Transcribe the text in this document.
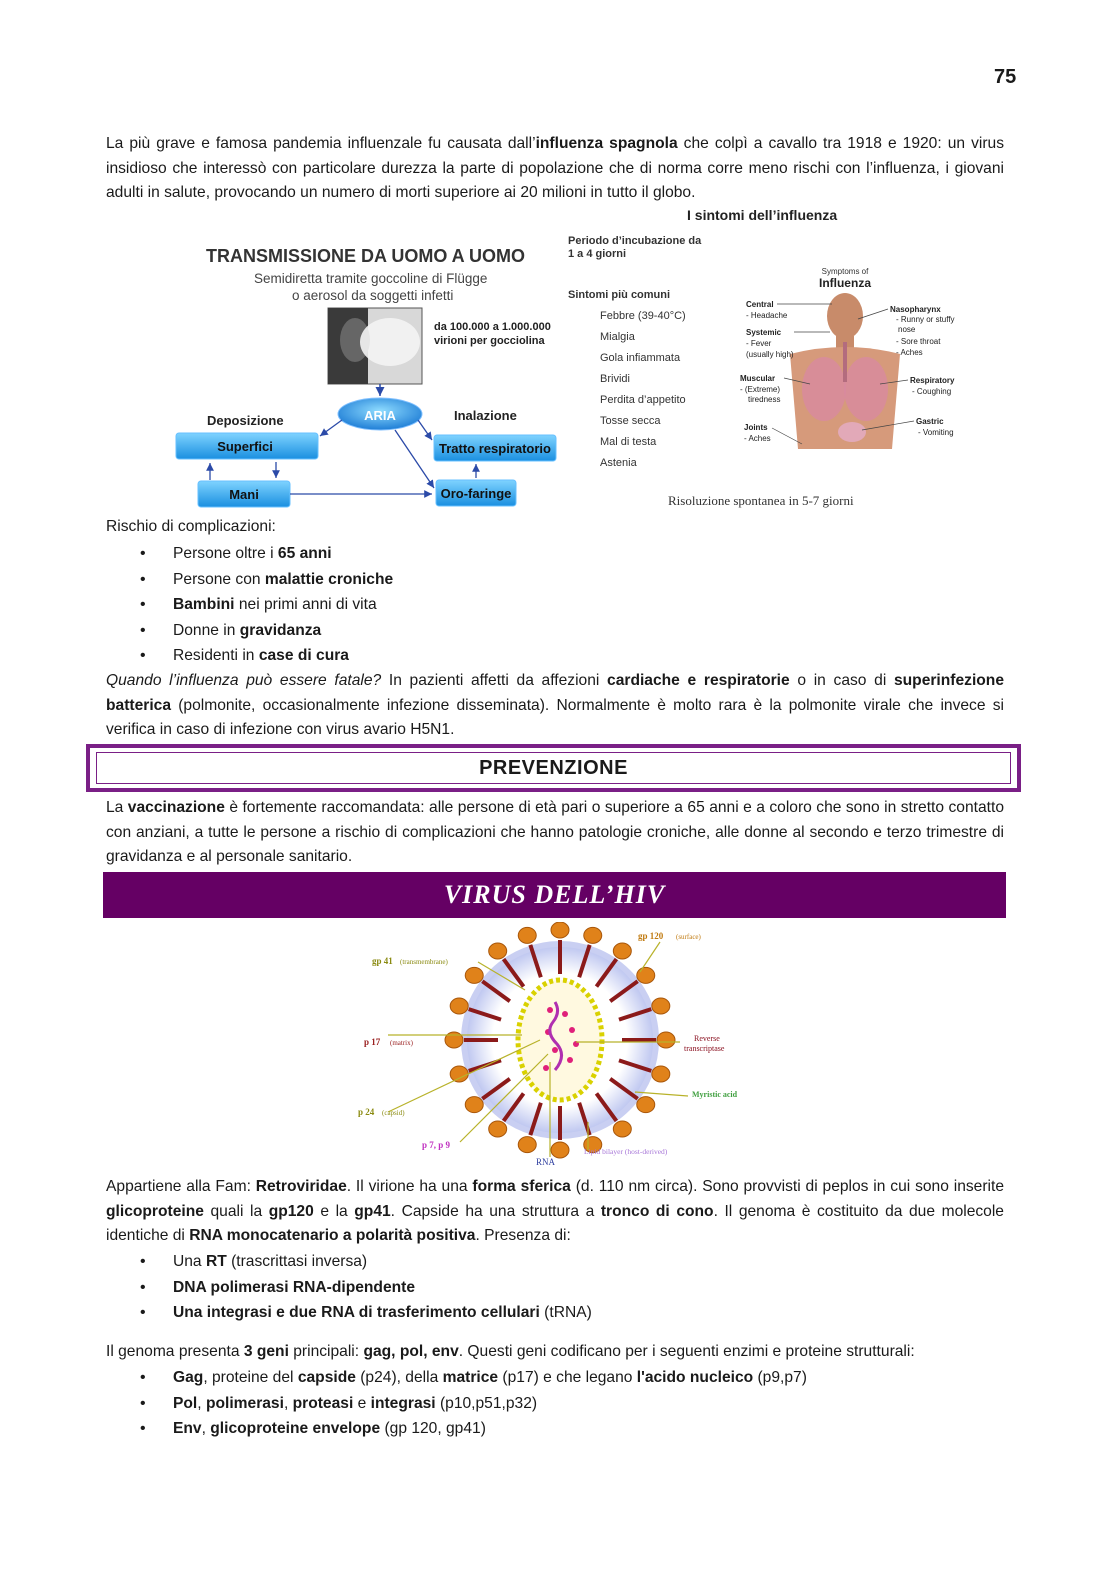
75

La più grave e famosa pandemia influenzale fu causata dall’influenza spagnola che colpì a cavallo tra 1918 e 1920: un virus insidioso che interessò con particolare durezza la parte di popolazione che di norma corre meno rischi con l’influenza, i giovani adulti in salute, provocando un numero di morti superiore ai 20 milioni in tutto il globo.

TRANSMISSIONE DA UOMO A UOMO
Semidiretta tramite goccoline di Flügge
o aerosol da soggetti infetti
da 100.000 a 1.000.000
virioni per gocciolina
ARIA
Deposizione	Inalazione
Superfici	Tratto respiratorio
Mani	Oro-faringe
I sintomi dell’influenza
Periodo d’incubazione da
1 a 4 giorni
Sintomi più comuni
Febbre (39-40°C)
Mialgia
Gola infiammata
Brividi
Perdita d’appetito
Tosse secca
Mal di testa
Astenia
Risoluzione spontanea in 5-7 giorni
Symptoms of
Influenza
Central
- Headache
Systemic
- Fever
(usually high)
Muscular
- (Extreme)
tiredness
Joints
- Aches
Nasopharynx
- Runny or stuffy
nose
- Sore throat
- Aches
Respiratory
- Coughing
Gastric
- Vomiting

Rischio di complicazioni:

• Persone oltre i 65 anni
• Persone con malattie croniche
• Bambini nei primi anni di vita
• Donne in gravidanza
• Residenti in case di cura

Quando l’influenza può essere fatale? In pazienti affetti da affezioni cardiache e respiratorie o in caso di superinfezione batterica (polmonite, occasionalmente infezione disseminata). Normalmente è molto rara è la polmonite virale che invece si verifica in caso di infezione con virus avario H5N1.

PREVENZIONE

La vaccinazione è fortemente raccomandata: alle persone di età pari o superiore a 65 anni e a coloro che sono in stretto contatto con anziani, a tutte le persone a rischio di complicazioni che hanno patologie croniche, alle donne al secondo e terzo trimestre di gravidanza e al personale sanitario.

VIRUS DELL’HIV
gp 120 (surface)
gp 41 (transmembrane)
p 17 (matrix)
p 24 (capsid)
p 7, p 9
RNA
Lipid bilayer (host-derived)
Reverse
transcriptase
Myristic acid

Appartiene alla Fam: Retroviridae. Il virione ha una forma sferica (d. 110 nm circa). Sono provvisti di peplos in cui sono inserite glicoproteine quali la gp120 e la gp41. Capside ha una struttura a tronco di cono. Il genoma è costituito da due molecole identiche di RNA monocatenario a polarità positiva. Presenza di:

• Una RT (trascrittasi inversa)
• DNA polimerasi RNA-dipendente
• Una integrasi e due RNA di trasferimento cellulari (tRNA)

Il genoma presenta 3 geni principali: gag, pol, env. Questi geni codificano per i seguenti enzimi e proteine strutturali:

• Gag, proteine del capside (p24), della matrice (p17) e che legano l'acido nucleico (p9,p7)
• Pol, polimerasi, proteasi e integrasi (p10,p51,p32)
• Env, glicoproteine envelope (gp 120, gp41)
